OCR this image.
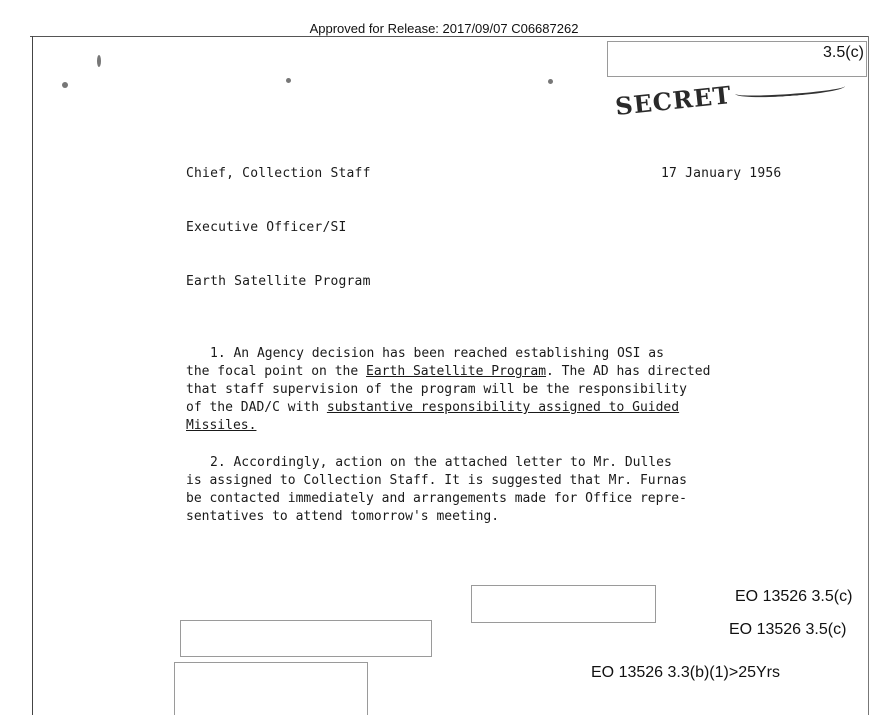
Approved for Release: 2017/09/07 C06687262
3.5(c)
SECRET
Chief, Collection Staff	17 January 1956
Executive Officer/SI
Earth Satellite Program
1. An Agency decision has been reached establishing OSI as
the focal point on the Earth Satellite Program. The AD has directed
that staff supervision of the program will be the responsibility
of the DAD/C with substantive responsibility assigned to Guided
Missiles.
2. Accordingly, action on the attached letter to Mr. Dulles
is assigned to Collection Staff. It is suggested that Mr. Furnas
be contacted immediately and arrangements made for Office repre-
sentatives to attend tomorrow's meeting.
EO 13526 3.5(c)
EO 13526 3.5(c)
EO 13526 3.3(b)(1)>25Yrs
